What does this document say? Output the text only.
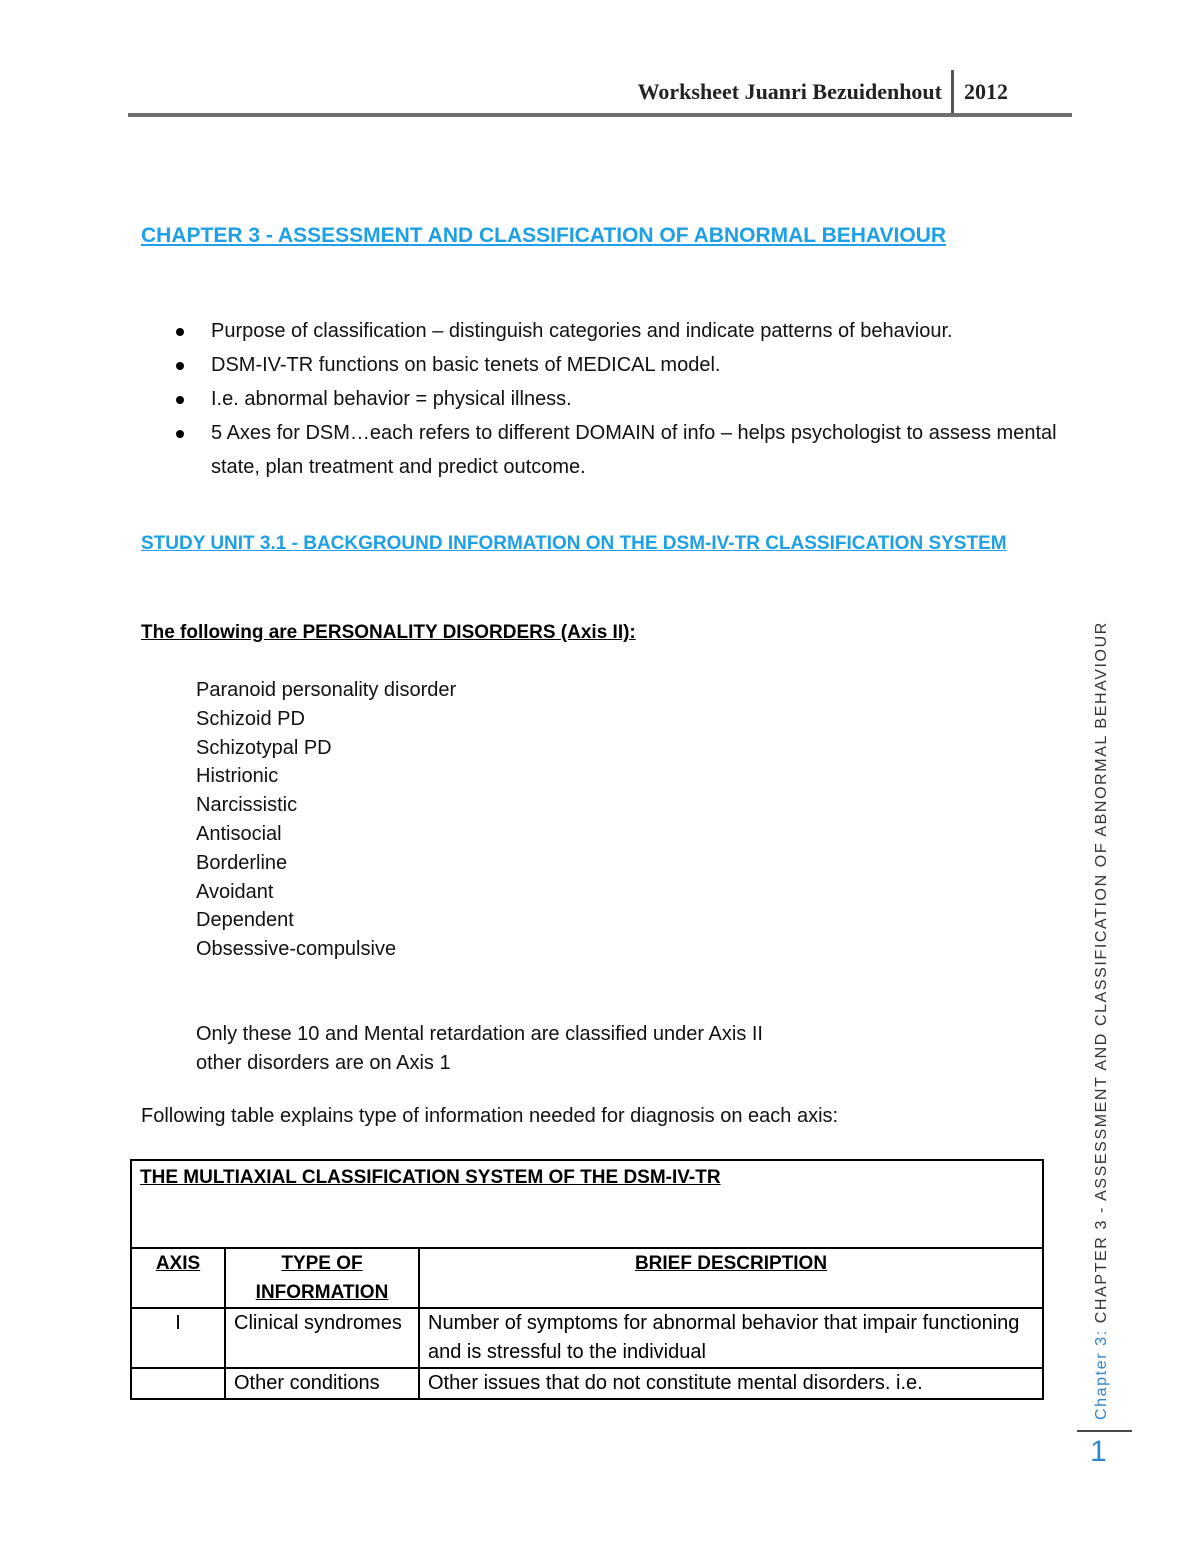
Worksheet Juanri Bezuidenhout 2012
CHAPTER 3 - ASSESSMENT AND CLASSIFICATION OF ABNORMAL BEHAVIOUR
Purpose of classification – distinguish categories and indicate patterns of behaviour.
DSM-IV-TR functions on basic tenets of MEDICAL model.
I.e. abnormal behavior = physical illness.
5 Axes for DSM…each refers to different DOMAIN of info – helps psychologist to assess mental state, plan treatment and predict outcome.
STUDY UNIT 3.1 - BACKGROUND INFORMATION ON THE DSM-IV-TR CLASSIFICATION SYSTEM
The following are PERSONALITY DISORDERS (Axis II):
Paranoid personality disorder
Schizoid PD
Schizotypal PD
Histrionic
Narcissistic
Antisocial
Borderline
Avoidant
Dependent
Obsessive-compulsive
Only these 10 and Mental retardation are classified under Axis II
other disorders are on Axis 1
Following table explains type of information needed for diagnosis on each axis:
THE MULTIAXIAL CLASSIFICATION SYSTEM OF THE DSM-IV-TR		
AXIS	TYPE OF INFORMATION	BRIEF DESCRIPTION
I	Clinical syndromes	Number of symptoms for abnormal behavior that impair functioning and is stressful to the individual
	Other conditions	Other issues that do not constitute mental disorders. i.e.	Chapter 3: CHAPTER 3 - ASSESSMENT AND CLASSIFICATION OF ABNORMAL BEHAVIOUR
1
